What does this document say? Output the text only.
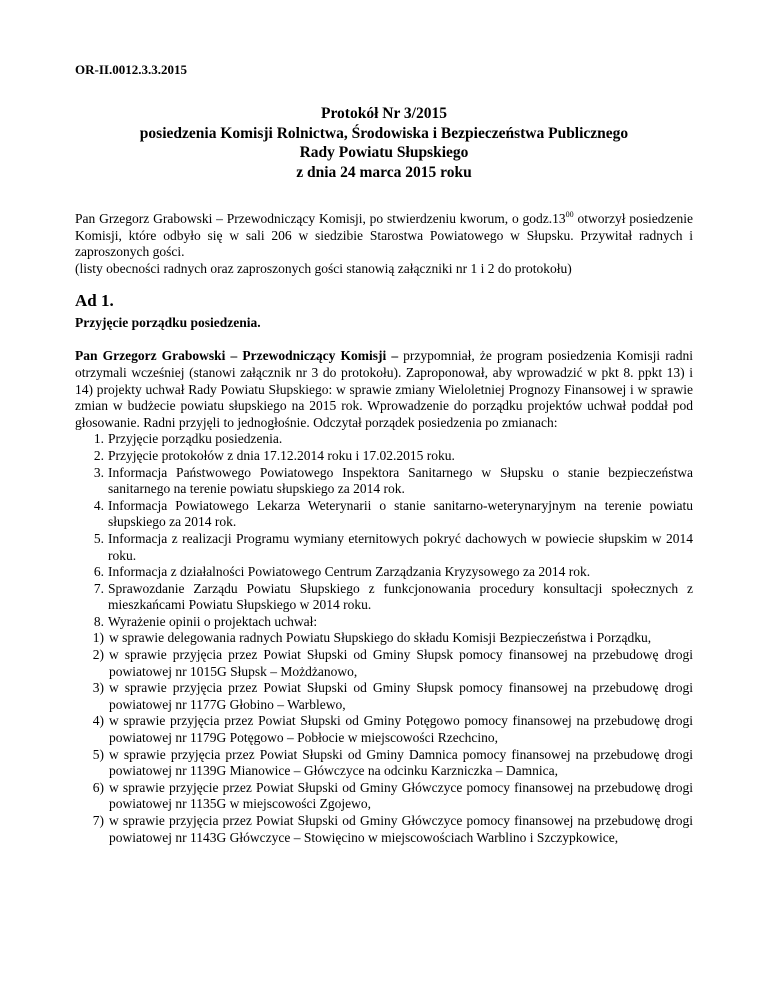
OR-II.0012.3.3.2015

Protokół Nr 3/2015
posiedzenia Komisji Rolnictwa, Środowiska i Bezpieczeństwa Publicznego
Rady Powiatu Słupskiego
z dnia 24 marca 2015 roku

Pan Grzegorz Grabowski – Przewodniczący Komisji, po stwierdzeniu kworum, o $godz.13^{00}$ otworzył posiedzenie Komisji, które odbyło się w sali 206 w siedzibie Starostwa Powiatowego w Słupsku. Przywitał radnych i zaproszonych gości.

(listy obecności radnych oraz zaproszonych gości stanowią załączniki nr 1 i 2 do protokołu)

Ad 1.
Przyjęcie porządku posiedzenia.

Pan Grzegorz Grabowski – Przewodniczący Komisji – przypomniał, że program posiedzenia Komisji radni otrzymali wcześniej (stanowi załącznik nr 3 do protokołu). Zaproponował, aby wprowadzić w pkt 8. ppkt 13) i 14) projekty uchwał Rady Powiatu Słupskiego: w sprawie zmiany Wieloletniej Prognozy Finansowej i w sprawie zmian w budżecie powiatu słupskiego na 2015 rok. Wprowadzenie do porządku projektów uchwał poddał pod głosowanie. Radni przyjęli to jednogłośnie. Odczytał porządek posiedzenia po zmianach:

1. Przyjęcie porządku posiedzenia.
2. Przyjęcie protokołów z dnia 17.12.2014 roku i 17.02.2015 roku.
3. Informacja Państwowego Powiatowego Inspektora Sanitarnego w Słupsku o stanie bezpieczeństwa sanitarnego na terenie powiatu słupskiego za 2014 rok.
4. Informacja Powiatowego Lekarza Weterynarii o stanie sanitarno-weterynaryjnym na terenie powiatu słupskiego za 2014 rok.
5. Informacja z realizacji Programu wymiany eternitowych pokryć dachowych w powiecie słupskim w 2014 roku.
6. Informacja z działalności Powiatowego Centrum Zarządzania Kryzysowego za 2014 rok.
7. Sprawozdanie Zarządu Powiatu Słupskiego z funkcjonowania procedury konsultacji społecznych z mieszkańcami Powiatu Słupskiego w 2014 roku.
8. Wyrażenie opinii o projektach uchwał:
1) w sprawie delegowania radnych Powiatu Słupskiego do składu Komisji Bezpieczeństwa i Porządku,
2) w sprawie przyjęcia przez Powiat Słupski od Gminy Słupsk pomocy finansowej na przebudowę drogi powiatowej nr 1015G Słupsk – Możdżanowo,
3) w sprawie przyjęcia przez Powiat Słupski od Gminy Słupsk pomocy finansowej na przebudowę drogi powiatowej nr 1177G Głobino – Warblewo,
4) w sprawie przyjęcia przez Powiat Słupski od Gminy Potęgowo pomocy finansowej na przebudowę drogi powiatowej nr 1179G Potęgowo – Pobłocie w miejscowości Rzechcino,
5) w sprawie przyjęcia przez Powiat Słupski od Gminy Damnica pomocy finansowej na przebudowę drogi powiatowej nr 1139G Mianowice – Główczyce na odcinku Karzniczka – Damnica,
6) w sprawie przyjęcie przez Powiat Słupski od Gminy Główczyce pomocy finansowej na przebudowę drogi powiatowej nr 1135G w miejscowości Zgojewo,
7) w sprawie przyjęcia przez Powiat Słupski od Gminy Główczyce pomocy finansowej na przebudowę drogi powiatowej nr 1143G Główczyce – Stowięcino w miejscowościach Warblino i Szczypkowice,
